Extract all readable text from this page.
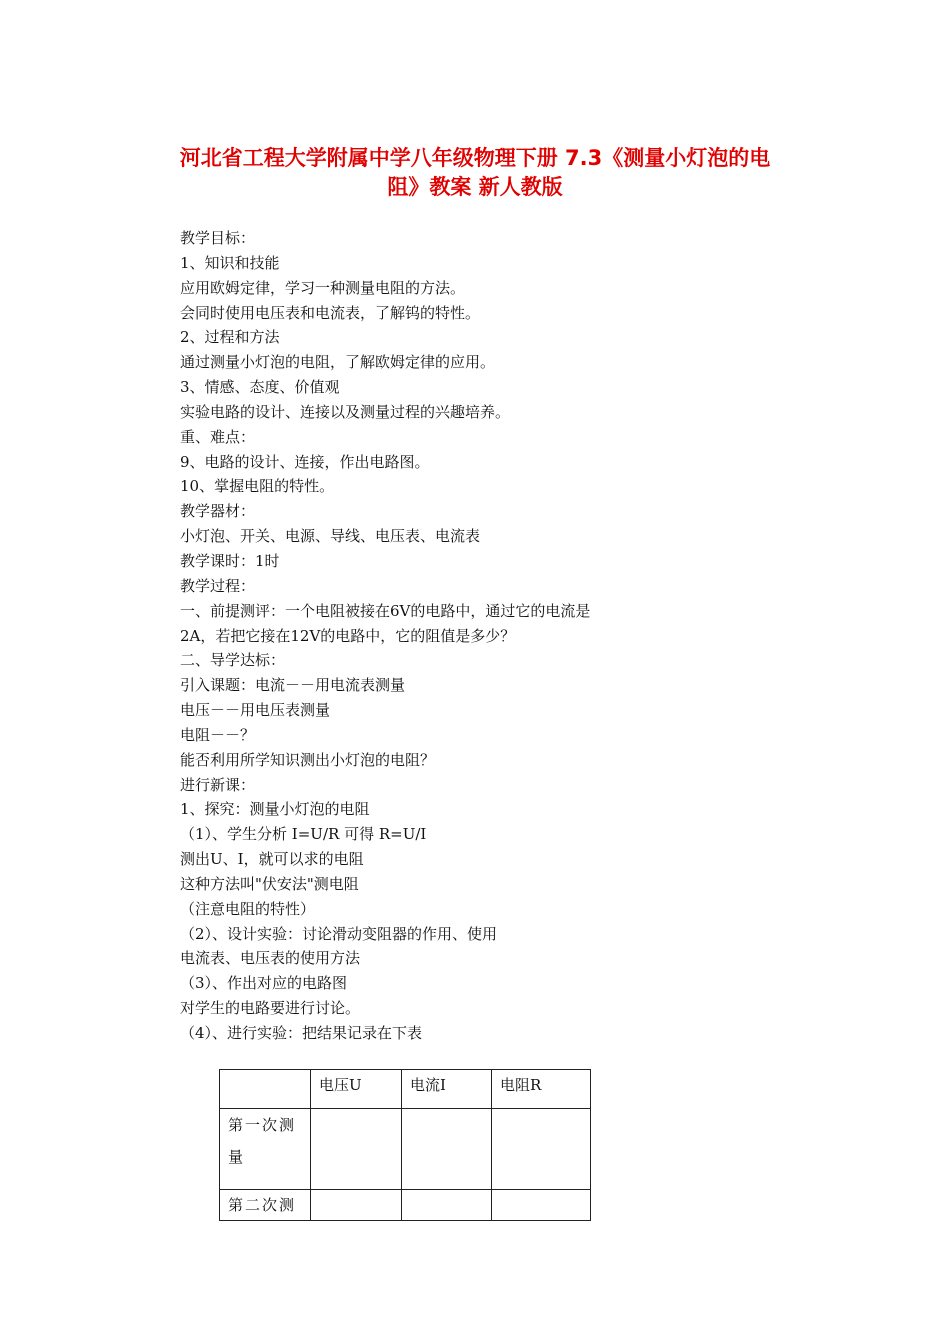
河北省工程大学附属中学八年级物理下册 7.3《测量小灯泡的电
阻》教案 新人教版
教学目标：
1、知识和技能
应用欧姆定律，学习一种测量电阻的方法。
会同时使用电压表和电流表，了解钨的特性。
2、过程和方法
通过测量小灯泡的电阻，了解欧姆定律的应用。
3、情感、态度、价值观
实验电路的设计、连接以及测量过程的兴趣培养。
重、难点：
9、电路的设计、连接，作出电路图。
10、掌握电阻的特性。
教学器材：
小灯泡、开关、电源、导线、电压表、电流表
教学课时：1时
教学过程：
一、前提测评：一个电阻被接在6V的电路中，通过它的电流是
2A，若把它接在12V的电路中，它的阻值是多少？
二、导学达标：
引入课题：电流－－用电流表测量
电压－－用电压表测量
电阻－－？
能否利用所学知识测出小灯泡的电阻？
进行新课：
1、探究：测量小灯泡的电阻
（1）、学生分析 I=U/R 可得 R=U/I
测出U、I，就可以求的电阻
这种方法叫"伏安法"测电阻
（注意电阻的特性）
（2）、设计实验：讨论滑动变阻器的作用、使用
电流表、电压表的使用方法
（3）、作出对应的电路图
对学生的电路要进行讨论。
（4）、进行实验：把结果记录在下表
	电压U	电流I	电阻R

第一次测
量			

第二次测			
